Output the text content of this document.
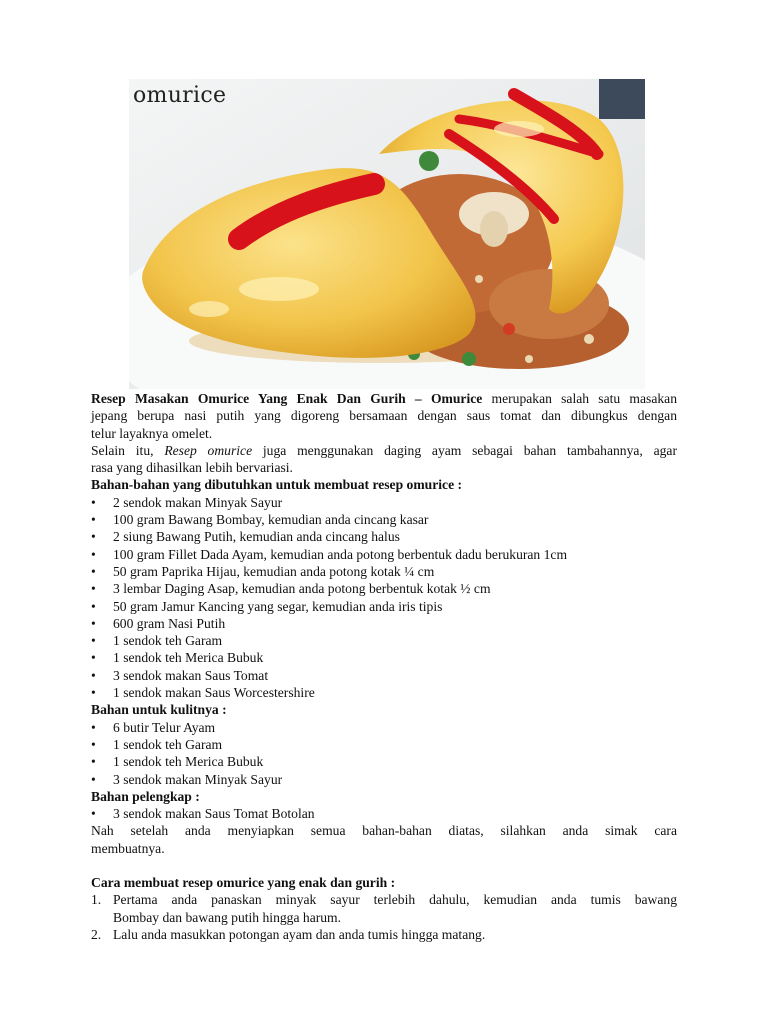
omurice

Resep Masakan Omurice Yang Enak Dan Gurih – Omurice merupakan salah satu masakan

jepang berupa nasi putih yang digoreng bersamaan dengan saus tomat dan dibungkus dengan

telur layaknya omelet.

Selain itu, Resep omurice juga menggunakan daging ayam sebagai bahan tambahannya, agar

rasa yang dihasilkan lebih bervariasi.

Bahan-bahan yang dibutuhkan untuk membuat resep omurice :

• 2 sendok makan Minyak Sayur
• 100 gram Bawang Bombay, kemudian anda cincang kasar
• 2 siung Bawang Putih, kemudian anda cincang halus
• 100 gram Fillet Dada Ayam, kemudian anda potong berbentuk dadu berukuran 1cm
• 50 gram Paprika Hijau, kemudian anda potong kotak ¼ cm
• 3 lembar Daging Asap, kemudian anda potong berbentuk kotak ½ cm
• 50 gram Jamur Kancing yang segar, kemudian anda iris tipis
• 600 gram Nasi Putih
• 1 sendok teh Garam
• 1 sendok teh Merica Bubuk
• 3 sendok makan Saus Tomat
• 1 sendok makan Saus Worcestershire

Bahan untuk kulitnya :

• 6 butir Telur Ayam
• 1 sendok teh Garam
• 1 sendok teh Merica Bubuk
• 3 sendok makan Minyak Sayur

Bahan pelengkap :

• 3 sendok makan Saus Tomat Botolan

Nah setelah anda menyiapkan semua bahan-bahan diatas, silahkan anda simak cara

membuatnya.

Cara membuat resep omurice yang enak dan gurih :

1. Pertama anda panaskan minyak sayur terlebih dahulu, kemudian anda tumis bawang

Bombay dan bawang putih hingga harum.

2. Lalu anda masukkan potongan ayam dan anda tumis hingga matang.
